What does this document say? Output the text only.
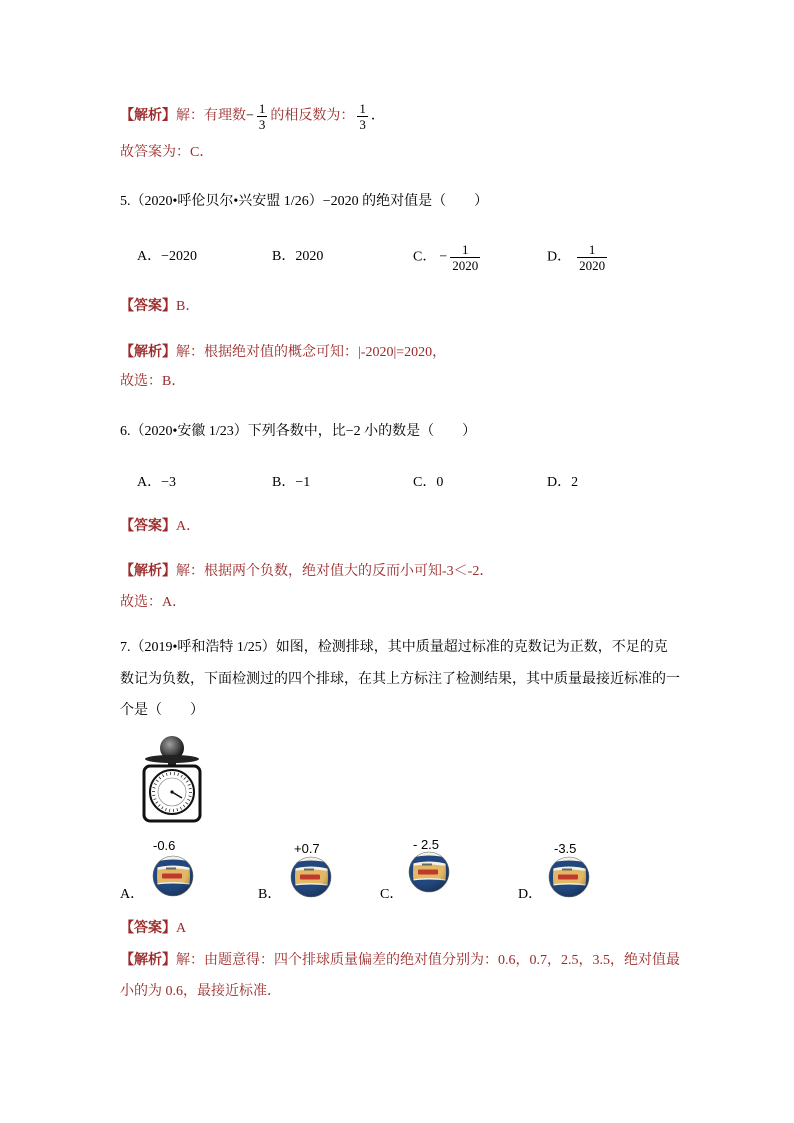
【解析】解：有理数− $\frac{1}{3}$ 的相反数为： $\frac{1}{3}$ ．
故答案为：C．
5.（2020•呼伦贝尔•兴安盟 1/26）−2020 的绝对值是（　　）
A．−2020	B．2020	C． − $\frac{1}{2020}$	D． $\frac{1}{2020}$
【答案】B．
【解析】解：根据绝对值的概念可知：|-2020|=2020，
故选：B．
6.（2020•安徽 1/23）下列各数中，比−2 小的数是（　　）
A．−3	B．−1	C．0	D．2
【答案】A．
【解析】解：根据两个负数，绝对值大的反而小可知-3＜-2．
故选：A．
7.（2019•呼和浩特 1/25）如图，检测排球，其中质量超过标准的克数记为正数，不足的克
数记为负数，下面检测过的四个排球，在其上方标注了检测结果，其中质量最接近标准的一
个是（　　）
-0.6	+0.7	- 2.5	-3.5
A．	B．	C．	D．
【答案】A
【解析】解：由题意得：四个排球质量偏差的绝对值分别为：0.6，0.7，2.5，3.5，绝对值最
小的为 0.6，最接近标准．
